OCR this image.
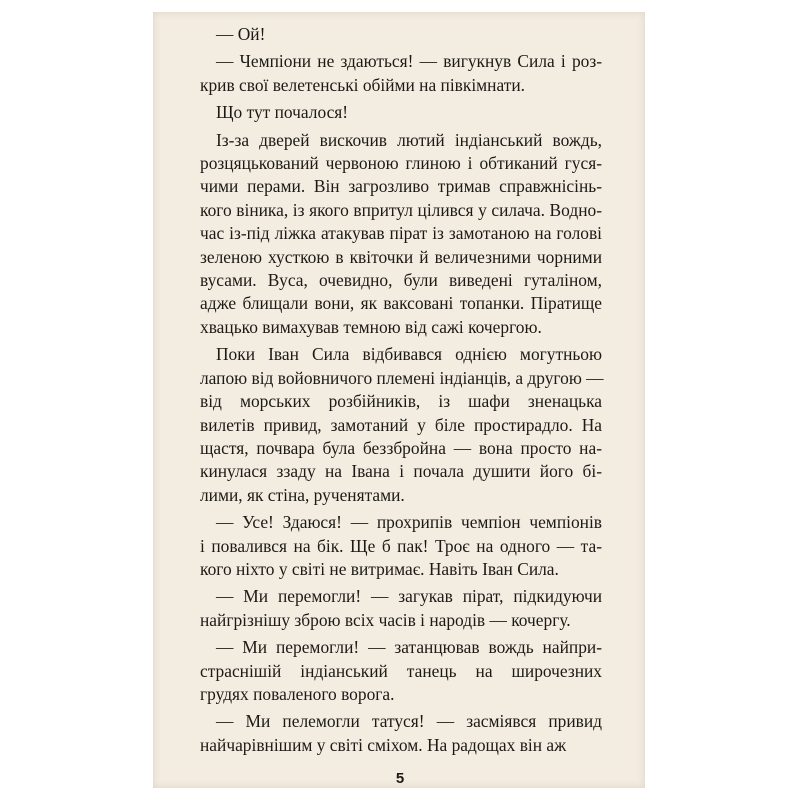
— Ой!
— Чемпіони не здаються! — вигукнув Сила і роз-
крив свої велетенські обійми на півкімнати.
Що тут почалося!
Із-за дверей вискочив лютий індіанський вождь,
розцяцькований червоною глиною і обтиканий гуся-
чими перами. Він загрозливо тримав справжнісінь-
кого віника, із якого впритул цілився у силача. Водно-
час із-під ліжка атакував пірат із замотаною на голові
зеленою хусткою в квіточки й величезними чорними
вусами. Вуса, очевидно, були виведені гуталіном,
адже блищали вони, як ваксовані топанки. Піратище
хвацько вимахував темною від сажі кочергою.
Поки Іван Сила відбивався однією могутньою
лапою від войовничого племені індіанців, а другою —
від морських розбійників, із шафи зненацька
вилетів привид, замотаний у біле простирадло. На
щастя, почвара була беззбройна — вона просто на-
кинулася ззаду на Івана і почала душити його бі-
лими, як стіна, рученятами.
— Усе! Здаюся! — прохрипів чемпіон чемпіонів
і повалився на бік. Ще б пак! Троє на одного — та-
кого ніхто у світі не витримає. Навіть Іван Сила.
— Ми перемогли! — загукав пірат, підкидуючи
найгрізнішу зброю всіх часів і народів — кочергу.
— Ми перемогли! — затанцював вождь найпри-
страснішій індіанський танець на широчезних
грудях поваленого ворога.
— Ми пелемогли татуся! — засміявся привид
найчарівнішим у світі сміхом. На радощах він аж
5
